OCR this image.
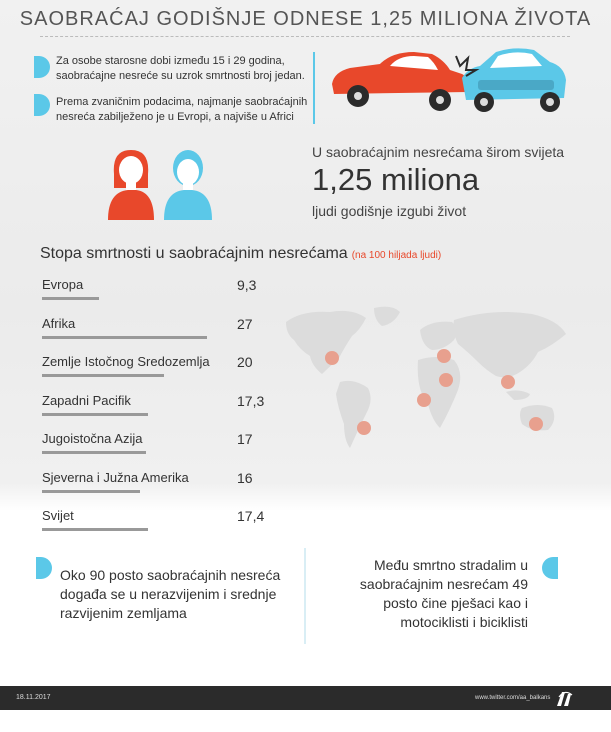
SAOBRAĆAJ GODIŠNJE ODNESE 1,25 MILIONA ŽIVOTA
Za osobe starosne dobi između 15 i 29 godina,
saobraćajne nesreće su uzrok smrtnosti broj jedan.
Prema zvaničnim podacima, najmanje saobraćajnih
nesreća zabilježeno je u Evropi, a najviše u Africi
U saobraćajnim nesrećama širom svijeta
1,25 miliona
ljudi godišnje izgubi život
Stopa smrtnosti u saobraćajnim nesrećama (na 100 hiljada ljudi)
Evropa	9,3
Afrika	27
Zemlje Istočnog Sredozemlja 20
Zapadni Pacifik	17,3
Jugoistočna Azija	17
Sjeverna i Južna Amerika	16
Svijet	17,4
Oko 90 posto saobraćajnih nesreća
događa se u nerazvijenim i srednje
razvijenim zemljama
Među smrtno stradalim u
saobraćajnim nesrećam 49
posto čine pješaci kao i
motociklisti i biciklisti
18.11.2017	www.twitter.com/aa_balkans
